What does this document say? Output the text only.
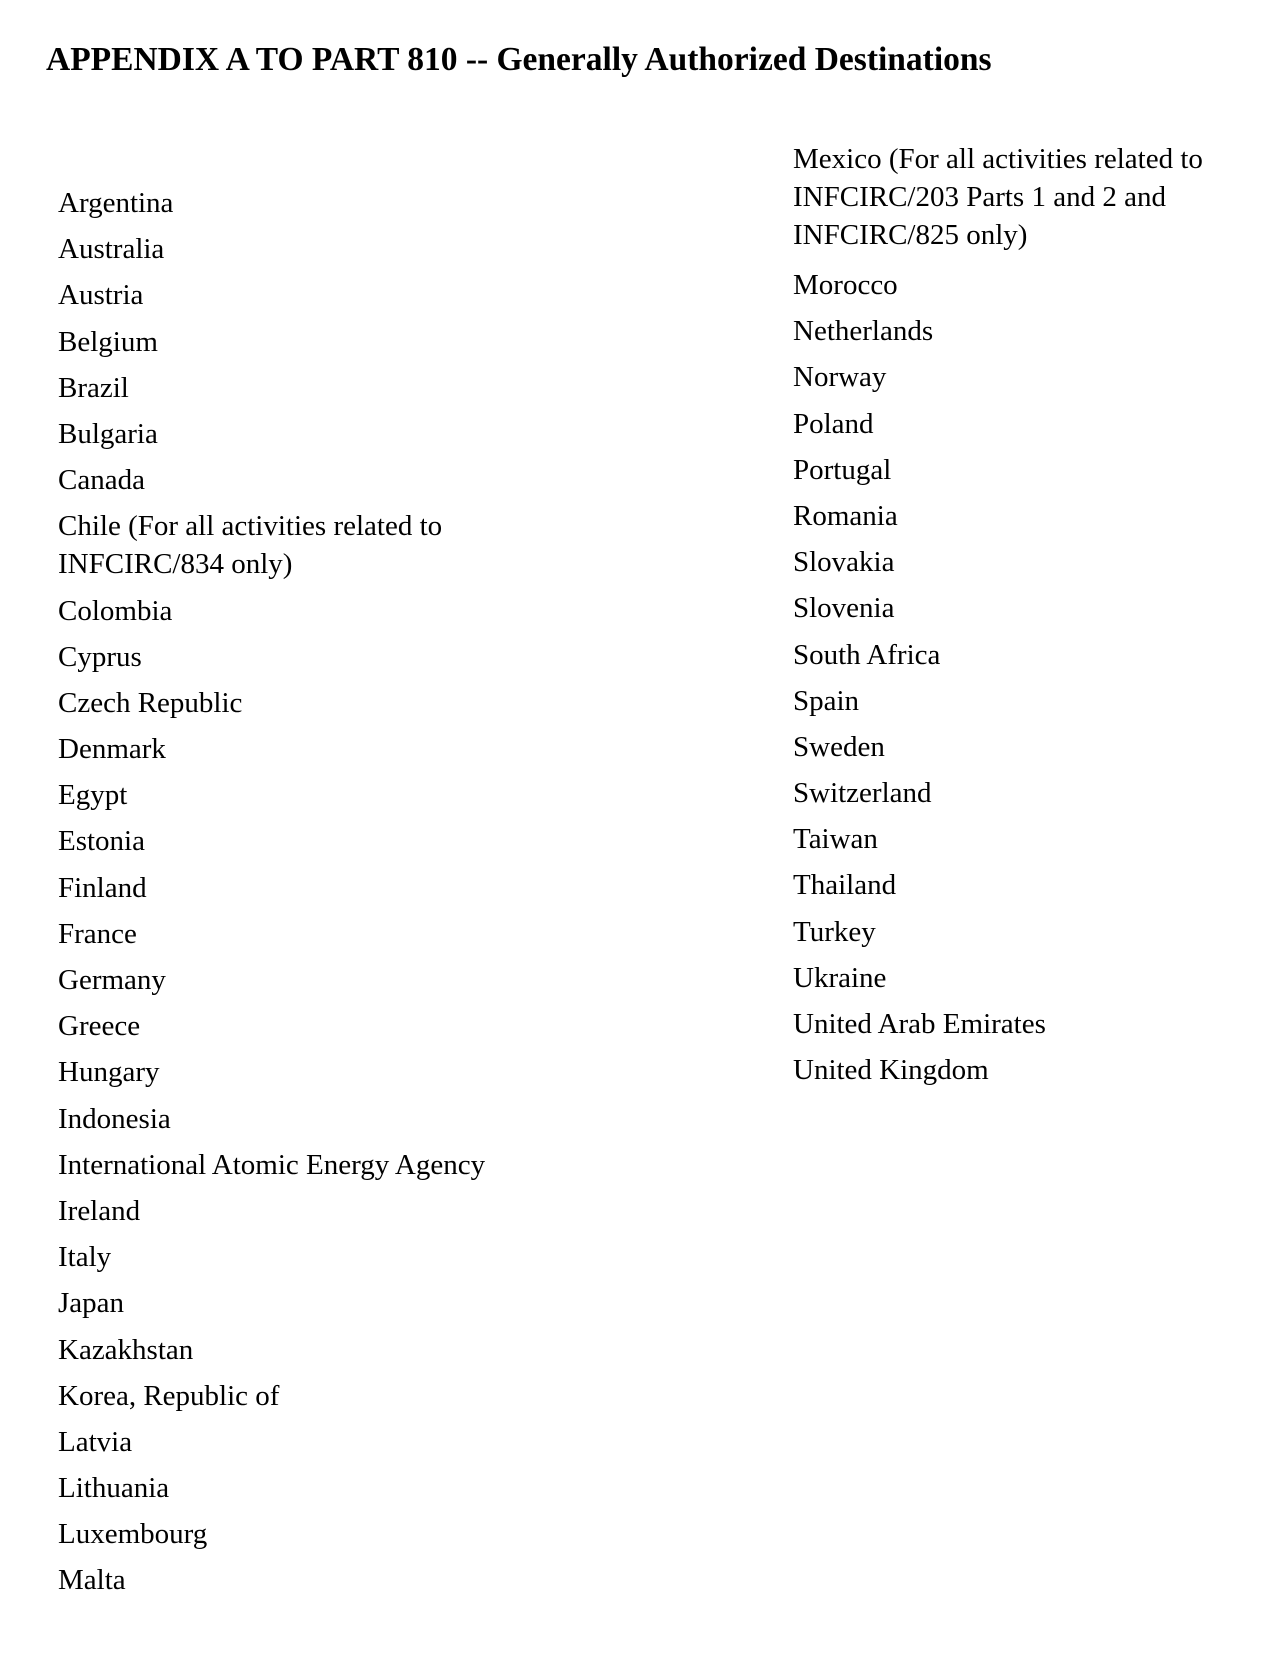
APPENDIX A TO PART 810 -- Generally Authorized Destinations
Argentina
Australia
Austria
Belgium
Brazil
Bulgaria
Canada
Chile (For all activities related to INFCIRC/834 only)
Colombia
Cyprus
Czech Republic
Denmark
Egypt
Estonia
Finland
France
Germany
Greece
Hungary
Indonesia
International Atomic Energy Agency
Ireland
Italy
Japan
Kazakhstan
Korea, Republic of
Latvia
Lithuania
Luxembourg
Malta
Mexico (For all activities related to INFCIRC/203 Parts 1 and 2 and INFCIRC/825 only)
Morocco
Netherlands
Norway
Poland
Portugal
Romania
Slovakia
Slovenia
South Africa
Spain
Sweden
Switzerland
Taiwan
Thailand
Turkey
Ukraine
United Arab Emirates
United Kingdom
